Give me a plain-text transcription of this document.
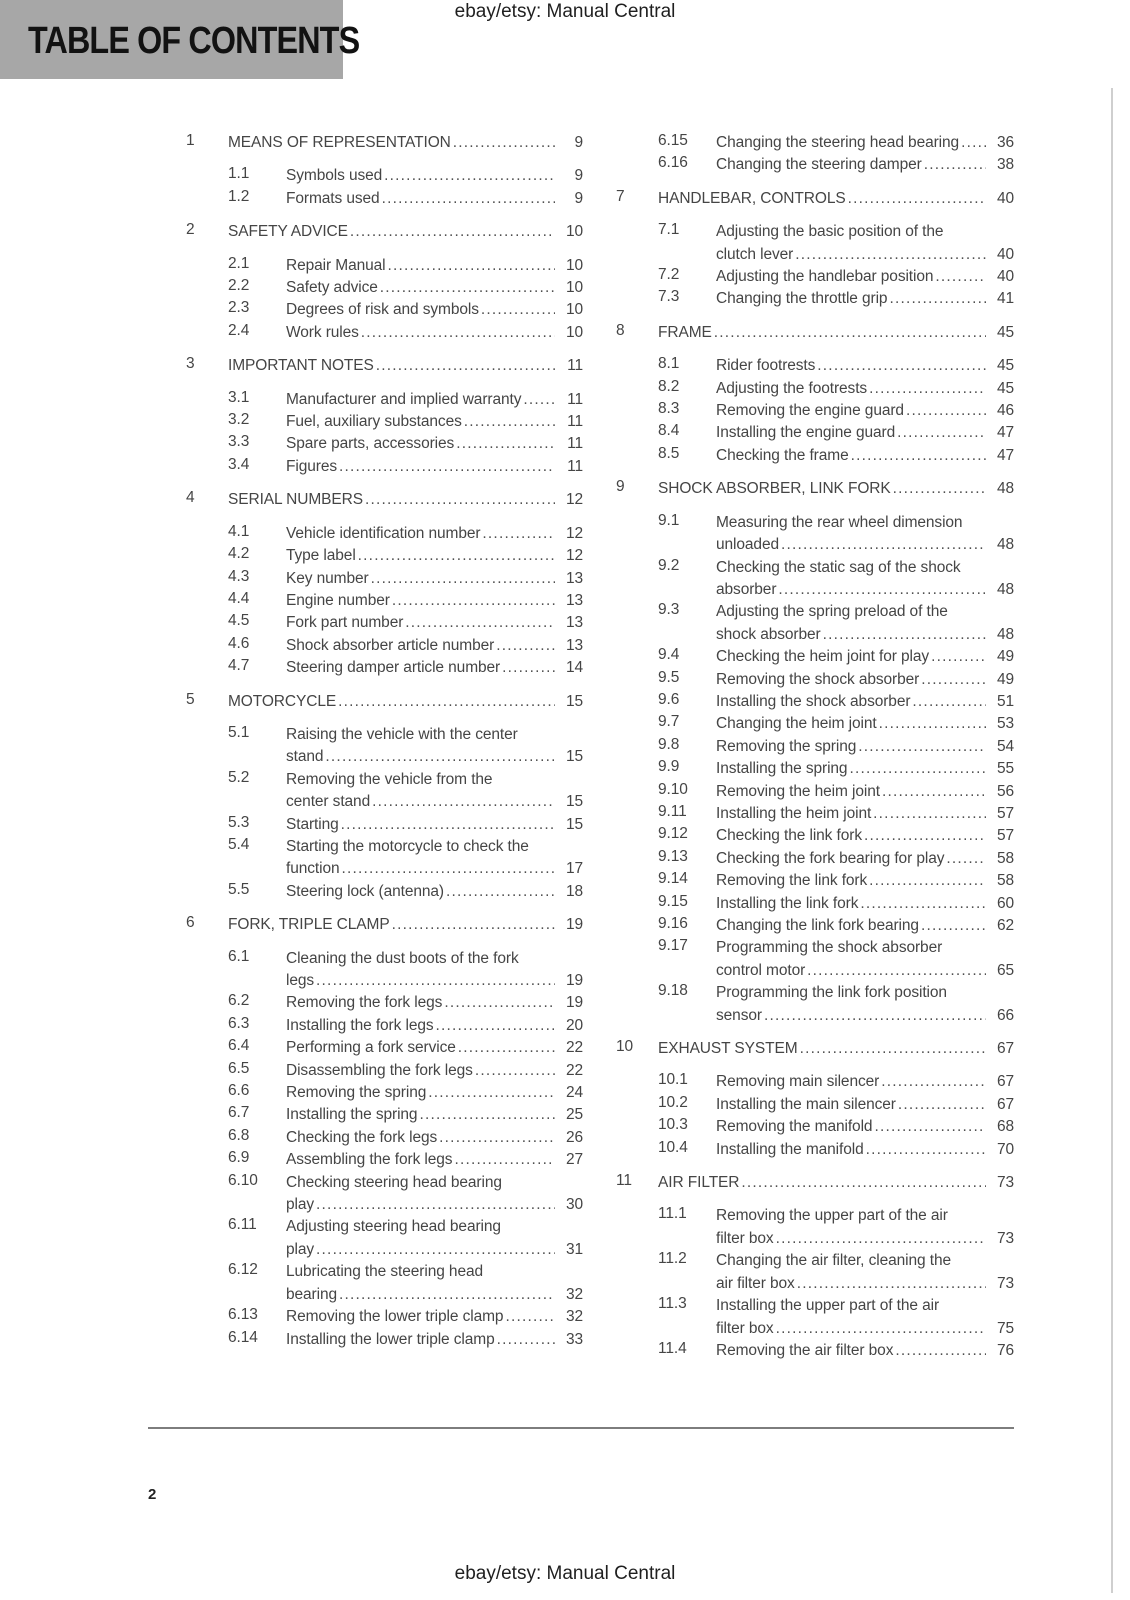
ebay/etsy: Manual Central
TABLE OF CONTENTS
1	MEANS OF REPRESENTATION .....	9
1.1	Symbols used .....	9
1.2	Formats used .....	9
2	SAFETY ADVICE .....	10
2.1	Repair Manual .....	10
2.2	Safety advice .....	10
2.3	Degrees of risk and symbols .....	10
2.4	Work rules .....	10
3	IMPORTANT NOTES .....	11
3.1	Manufacturer and implied warranty .....	11
3.2	Fuel, auxiliary substances .....	11
3.3	Spare parts, accessories .....	11
3.4	Figures .....	11
4	SERIAL NUMBERS .....	12
4.1	Vehicle identification number .....	12
4.2	Type label .....	12
4.3	Key number .....	13
4.4	Engine number .....	13
4.5	Fork part number .....	13
4.6	Shock absorber article number .....	13
4.7	Steering damper article number .....	14
5	MOTORCYCLE .....	15
5.1	Raising the vehicle with the center
stand .....	15
5.2	Removing the vehicle from the
center stand .....	15
5.3	Starting .....	15
5.4	Starting the motorcycle to check the
function .....	17
5.5	Steering lock (antenna) .....	18
6	FORK, TRIPLE CLAMP .....	19
6.1	Cleaning the dust boots of the fork
legs .....	19
6.2	Removing the fork legs .....	19
6.3	Installing the fork legs .....	20
6.4	Performing a fork service .....	22
6.5	Disassembling the fork legs .....	22
6.6	Removing the spring .....	24
6.7	Installing the spring .....	25
6.8	Checking the fork legs .....	26
6.9	Assembling the fork legs .....	27
6.10	Checking steering head bearing
play .....	30
6.11	Adjusting steering head bearing
play .....	31
6.12	Lubricating the steering head
bearing .....	32
6.13	Removing the lower triple clamp .....	32
6.14	Installing the lower triple clamp .....	33
6.15	Changing the steering head bearing .....	36
6.16	Changing the steering damper .....	38
7	HANDLEBAR, CONTROLS .....	40
7.1	Adjusting the basic position of the
clutch lever .....	40
7.2	Adjusting the handlebar position .....	40
7.3	Changing the throttle grip .....	41
8	FRAME .....	45
8.1	Rider footrests .....	45
8.2	Adjusting the footrests .....	45
8.3	Removing the engine guard .....	46
8.4	Installing the engine guard .....	47
8.5	Checking the frame .....	47
9	SHOCK ABSORBER, LINK FORK .....	48
9.1	Measuring the rear wheel dimension
unloaded .....	48
9.2	Checking the static sag of the shock
absorber .....	48
9.3	Adjusting the spring preload of the
shock absorber .....	48
9.4	Checking the heim joint for play .....	49
9.5	Removing the shock absorber .....	49
9.6	Installing the shock absorber .....	51
9.7	Changing the heim joint .....	53
9.8	Removing the spring .....	54
9.9	Installing the spring .....	55
9.10	Removing the heim joint .....	56
9.11	Installing the heim joint .....	57
9.12	Checking the link fork .....	57
9.13	Checking the fork bearing for play .....	58
9.14	Removing the link fork .....	58
9.15	Installing the link fork .....	60
9.16	Changing the link fork bearing .....	62
9.17	Programming the shock absorber
control motor .....	65
9.18	Programming the link fork position
sensor .....	66
10	EXHAUST SYSTEM .....	67
10.1	Removing main silencer .....	67
10.2	Installing the main silencer .....	67
10.3	Removing the manifold .....	68
10.4	Installing the manifold .....	70
11	AIR FILTER .....	73
11.1	Removing the upper part of the air
filter box .....	73
11.2	Changing the air filter, cleaning the
air filter box .....	73
11.3	Installing the upper part of the air
filter box .....	75
11.4	Removing the air filter box .....	76
2
ebay/etsy: Manual Central
